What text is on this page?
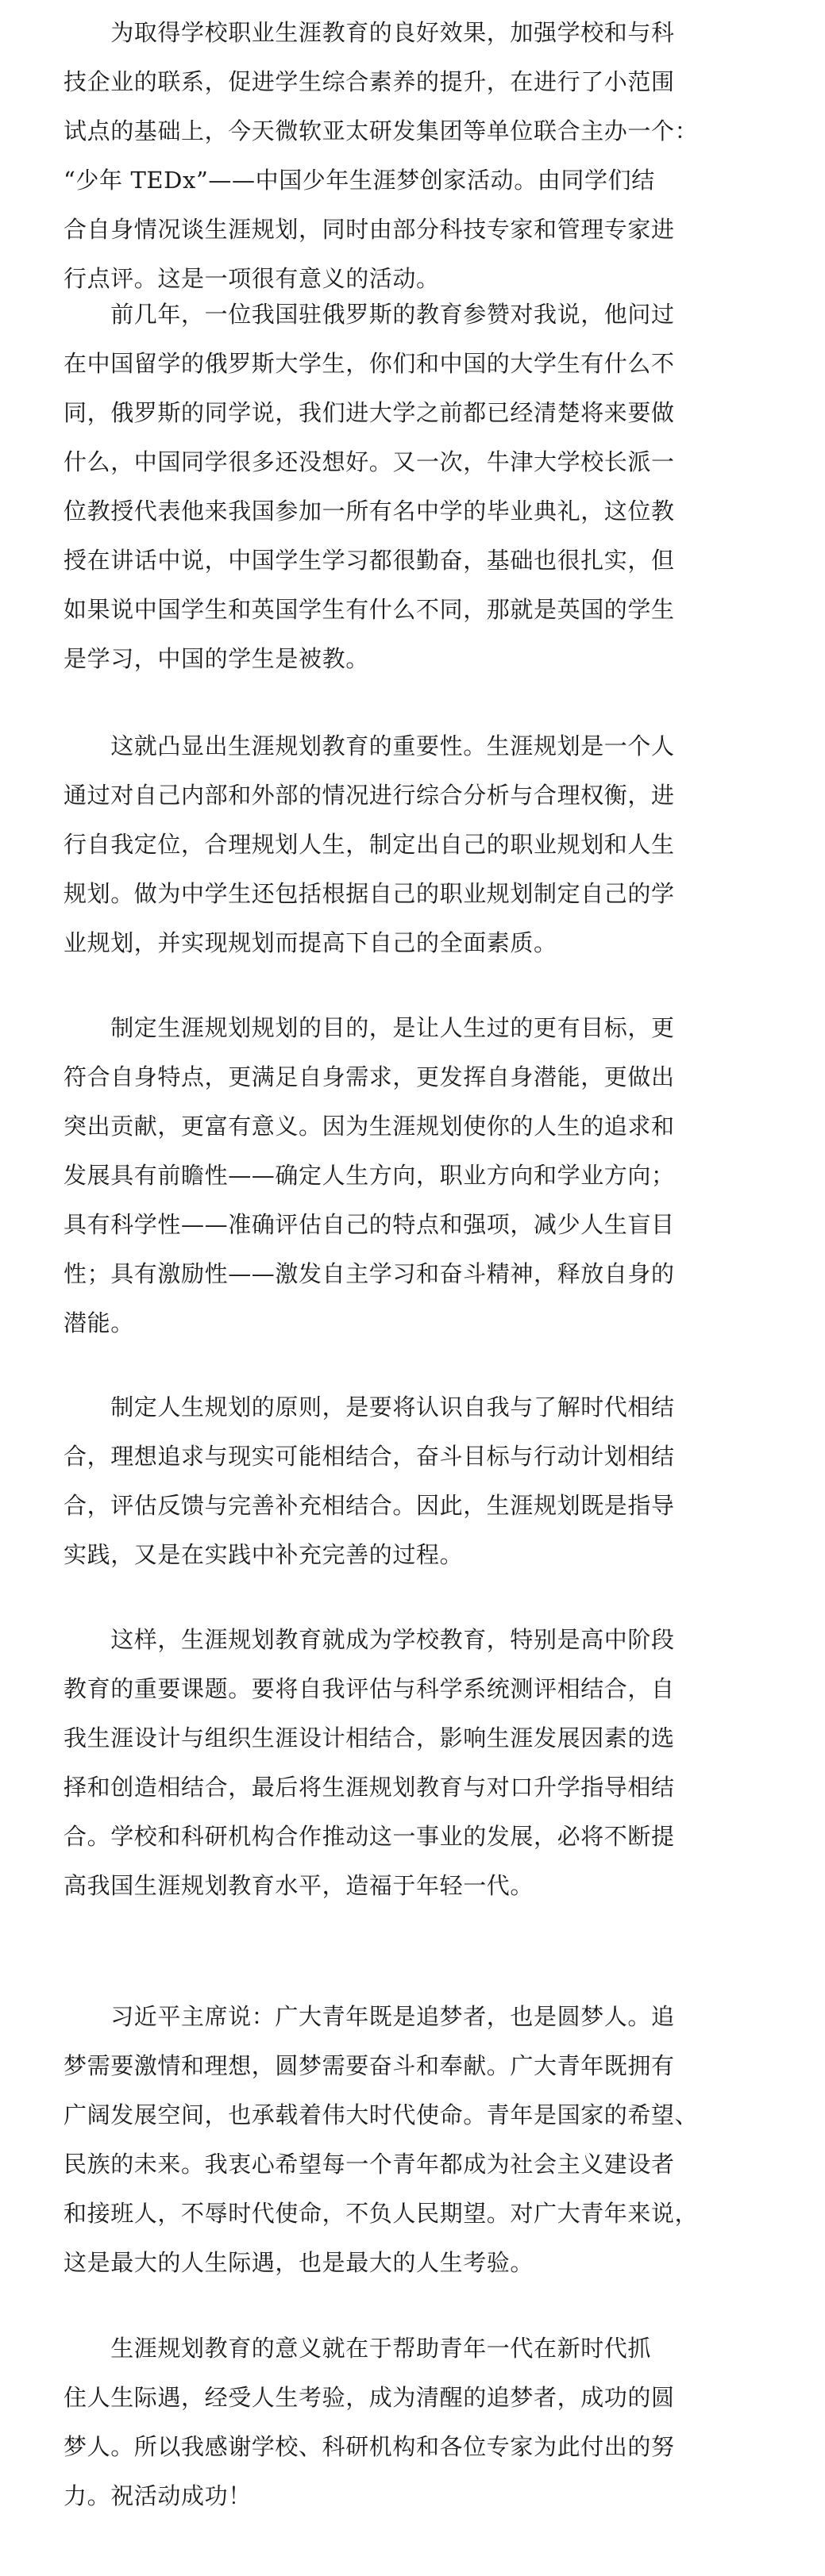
　　为取得学校职业生涯教育的良好效果，加强学校和与科
技企业的联系，促进学生综合素养的提升，在进行了小范围
试点的基础上，今天微软亚太研发集团等单位联合主办一个：
“少年 TEDx”——中国少年生涯梦创家活动。由同学们结
合自身情况谈生涯规划，同时由部分科技专家和管理专家进
行点评。这是一项很有意义的活动。
　　前几年，一位我国驻俄罗斯的教育参赞对我说，他问过
在中国留学的俄罗斯大学生，你们和中国的大学生有什么不
同，俄罗斯的同学说，我们进大学之前都已经清楚将来要做
什么，中国同学很多还没想好。又一次，牛津大学校长派一
位教授代表他来我国参加一所有名中学的毕业典礼，这位教
授在讲话中说，中国学生学习都很勤奋，基础也很扎实，但
如果说中国学生和英国学生有什么不同，那就是英国的学生
是学习，中国的学生是被教。
　　这就凸显出生涯规划教育的重要性。生涯规划是一个人
通过对自己内部和外部的情况进行综合分析与合理权衡，进
行自我定位，合理规划人生，制定出自己的职业规划和人生
规划。做为中学生还包括根据自己的职业规划制定自己的学
业规划，并实现规划而提高下自己的全面素质。
　　制定生涯规划规划的目的，是让人生过的更有目标，更
符合自身特点，更满足自身需求，更发挥自身潜能，更做出
突出贡献，更富有意义。因为生涯规划使你的人生的追求和
发展具有前瞻性——确定人生方向，职业方向和学业方向；
具有科学性——准确评估自己的特点和强项，减少人生盲目
性；具有激励性——激发自主学习和奋斗精神，释放自身的
潜能。
　　制定人生规划的原则，是要将认识自我与了解时代相结
合，理想追求与现实可能相结合，奋斗目标与行动计划相结
合，评估反馈与完善补充相结合。因此，生涯规划既是指导
实践，又是在实践中补充完善的过程。
　　这样，生涯规划教育就成为学校教育，特别是高中阶段
教育的重要课题。要将自我评估与科学系统测评相结合，自
我生涯设计与组织生涯设计相结合，影响生涯发展因素的选
择和创造相结合，最后将生涯规划教育与对口升学指导相结
合。学校和科研机构合作推动这一事业的发展，必将不断提
高我国生涯规划教育水平，造福于年轻一代。
　　习近平主席说：广大青年既是追梦者，也是圆梦人。追
梦需要激情和理想，圆梦需要奋斗和奉献。广大青年既拥有
广阔发展空间，也承载着伟大时代使命。青年是国家的希望、
民族的未来。我衷心希望每一个青年都成为社会主义建设者
和接班人，不辱时代使命，不负人民期望。对广大青年来说，
这是最大的人生际遇，也是最大的人生考验。
　　生涯规划教育的意义就在于帮助青年一代在新时代抓
住人生际遇，经受人生考验，成为清醒的追梦者，成功的圆
梦人。所以我感谢学校、科研机构和各位专家为此付出的努
力。祝活动成功！
